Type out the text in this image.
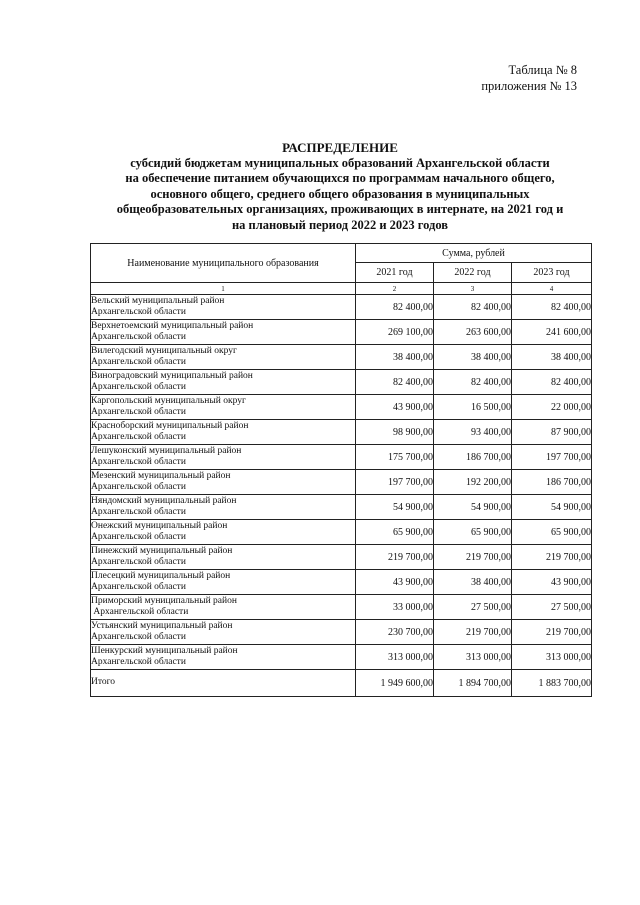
Таблица № 8
приложения № 13
РАСПРЕДЕЛЕНИЕ
субсидий бюджетам муниципальных образований Архангельской области
на обеспечение питанием обучающихся по программам начального общего,
основного общего, среднего общего образования в муниципальных
общеобразовательных организациях, проживающих в интернате, на 2021 год и
на плановый период 2022 и 2023 годов
Наименование муниципального образования	Сумма, рублей		
	2021 год	2022 год	2023 год
1	2	3	4

Вельский муниципальный район
Архангельской области	82 400,00	82 400,00	82 400,00

Верхнетоемский муниципальный район
Архангельской области	269 100,00	263 600,00	241 600,00

Вилегодский муниципальный округ
Архангельской области	38 400,00	38 400,00	38 400,00

Виноградовский муниципальный район
Архангельской области	82 400,00	82 400,00	82 400,00

Каргопольский муниципальный округ
Архангельской области	43 900,00	16 500,00	22 000,00

Красноборский муниципальный район
Архангельской области	98 900,00	93 400,00	87 900,00

Лешуконский муниципальный район
Архангельской области	175 700,00	186 700,00	197 700,00

Мезенский муниципальный район
Архангельской области	197 700,00	192 200,00	186 700,00

Няндомский муниципальный район
Архангельской области	54 900,00	54 900,00	54 900,00

Онежский муниципальный район
Архангельской области	65 900,00	65 900,00	65 900,00

Пинежский муниципальный район
Архангельской области	219 700,00	219 700,00	219 700,00

Плесецкий муниципальный район
Архангельской области	43 900,00	38 400,00	43 900,00

Приморский муниципальный район
Архангельской области	33 000,00	27 500,00	27 500,00

Устьянский муниципальный район
Архангельской области	230 700,00	219 700,00	219 700,00

Шенкурский муниципальный район
Архангельской области	313 000,00	313 000,00	313 000,00
Итого	1 949 600,00	1 894 700,00	1 883 700,00
